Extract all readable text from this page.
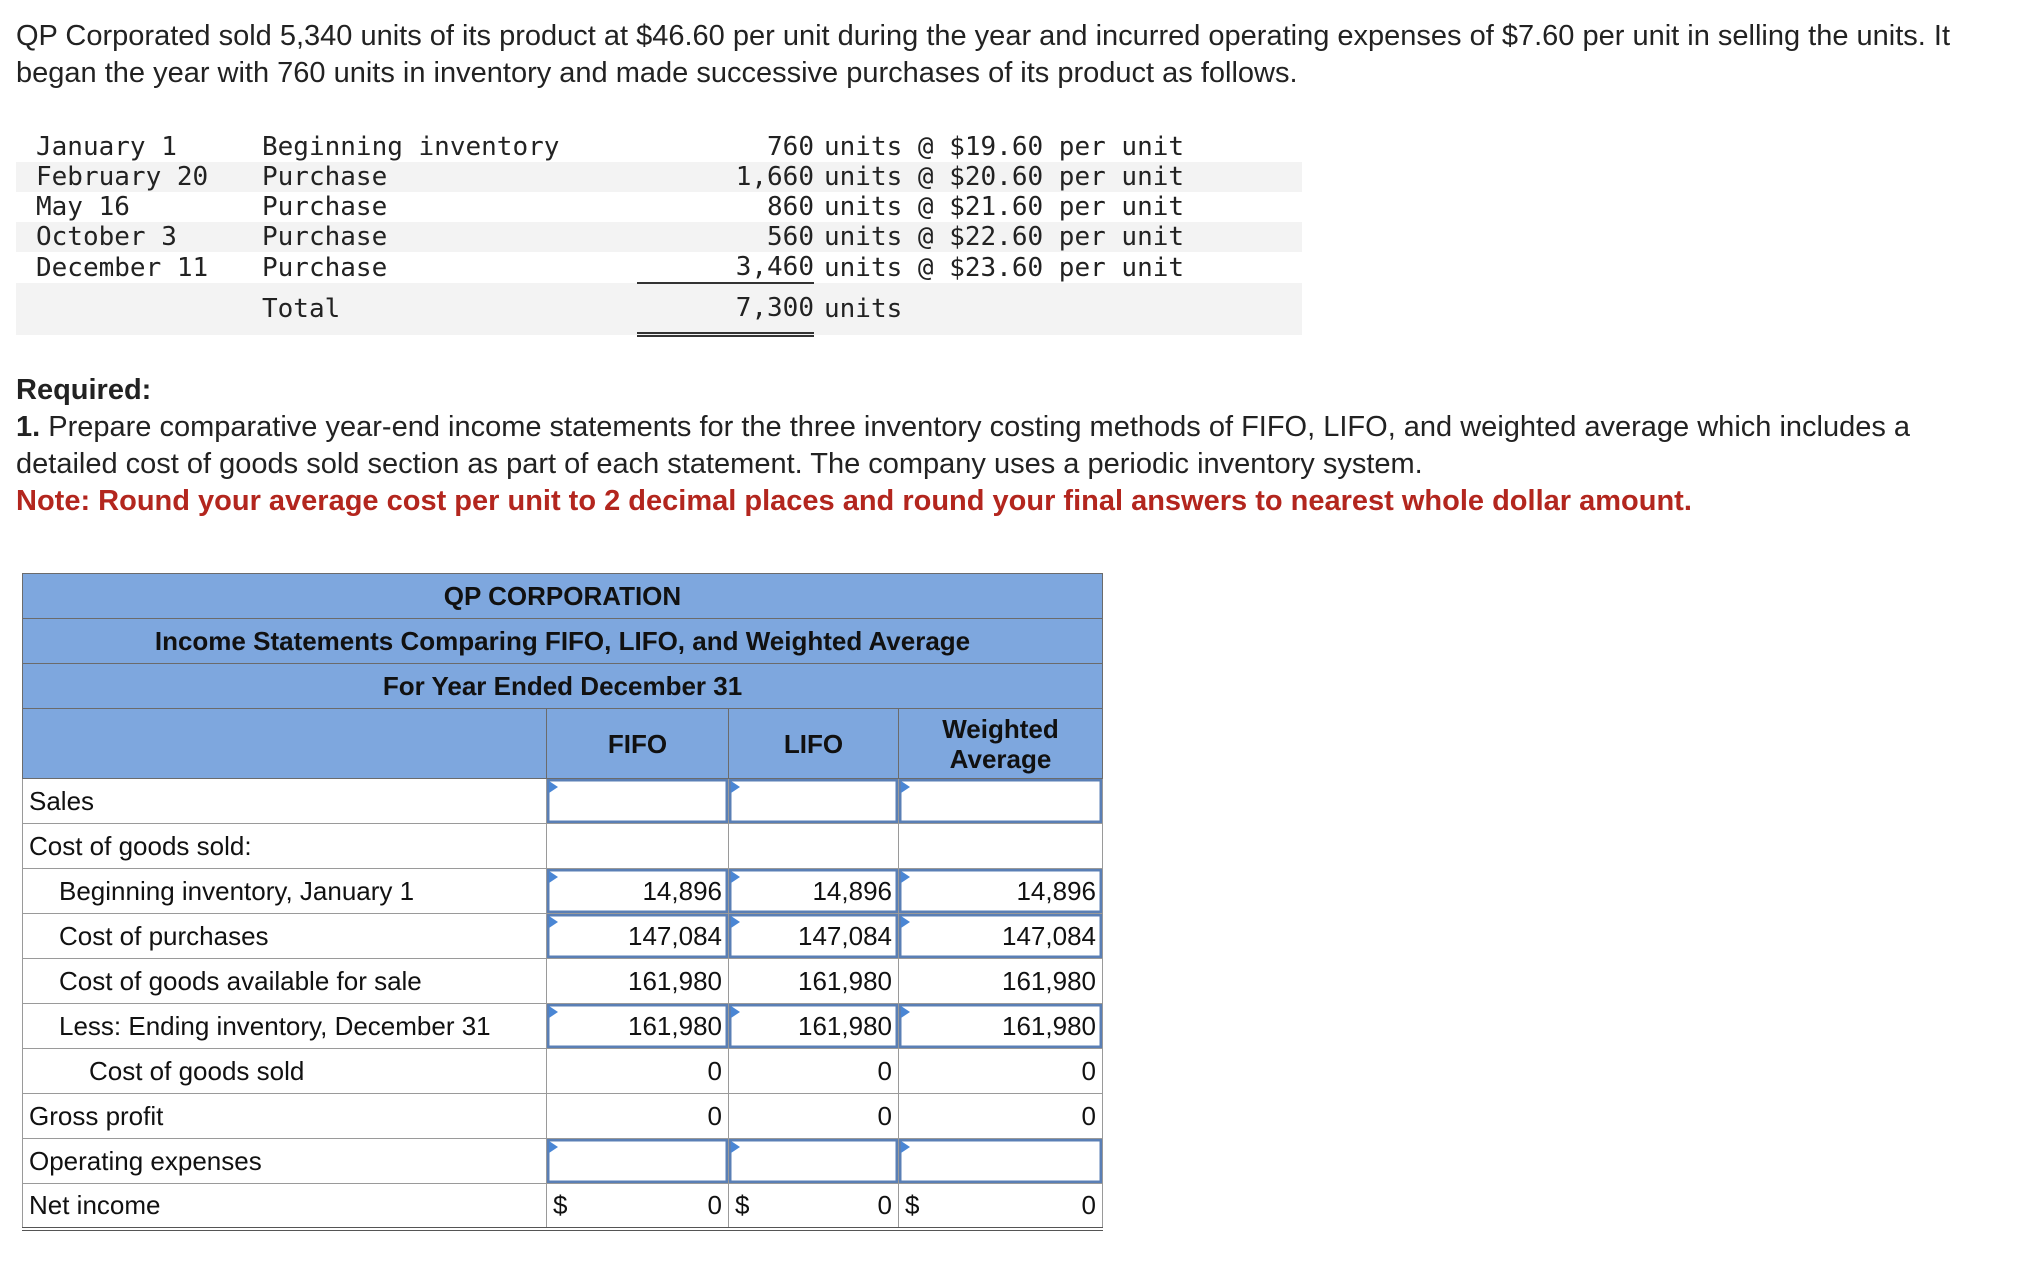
QP Corporated sold 5,340 units of its product at $46.60 per unit during the year and incurred operating expenses of $7.60 per unit in selling the units. It began the year with 760 units in inventory and made successive purchases of its product as follows.

January 1	Beginning inventory	760	units @ $19.60 per unit
February 20	Purchase	1,660	units @ $20.60 per unit
May 16	Purchase	860	units @ $21.60 per unit
October 3	Purchase	560	units @ $22.60 per unit
December 11	Purchase	3,460	units @ $23.60 per unit
	Total	7,300	units
Required:
1. Prepare comparative year-end income statements for the three inventory costing methods of FIFO, LIFO, and weighted average which includes a detailed cost of goods sold section as part of each statement. The company uses a periodic inventory system.
Note: Round your average cost per unit to 2 decimal places and round your final answers to nearest whole dollar amount.
QP CORPORATION			
Income Statements Comparing FIFO, LIFO, and Weighted Average			
For Year Ended December 31			
	FIFO	LIFO	Weighted
Average
Sales			
Cost of goods sold:			
Beginning inventory, January 1	14,896	14,896	14,896
Cost of purchases	147,084	147,084	147,084
Cost of goods available for sale	161,980	161,980	161,980
Less: Ending inventory, December 31	161,980	161,980	161,980
Cost of goods sold	0	0	0
Gross profit	0	0	0
Operating expenses			
Net income	$ 0	$ 0	$ 0
